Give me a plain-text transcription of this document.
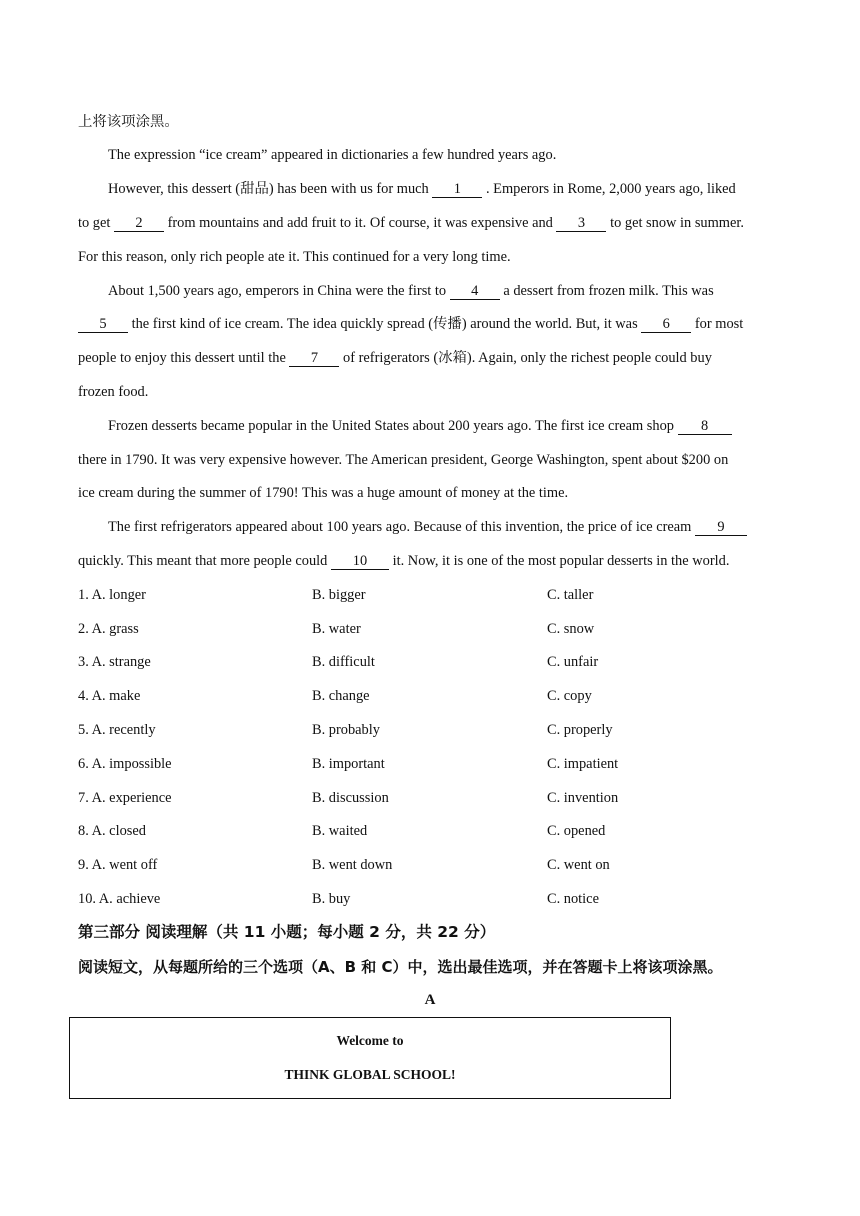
上将该项涂黑。
The expression “ice cream” appeared in dictionaries a few hundred years ago.
However, this dessert (甜品) has been with us for much 1 . Emperors in Rome, 2,000 years ago, liked
to get 2 from mountains and add fruit to it. Of course, it was expensive and 3 to get snow in summer.
For this reason, only rich people ate it. This continued for a very long time.
About 1,500 years ago, emperors in China were the first to 4 a dessert from frozen milk. This was
5 the first kind of ice cream. The idea quickly spread (传播) around the world. But, it was 6 for most
people to enjoy this dessert until the 7 of refrigerators (冰箱). Again, only the richest people could buy
frozen food.
Frozen desserts became popular in the United States about 200 years ago. The first ice cream shop 8
there in 1790. It was very expensive however. The American president, George Washington, spent about $200 on
ice cream during the summer of 1790! This was a huge amount of money at the time.
The first refrigerators appeared about 100 years ago. Because of this invention, the price of ice cream 9
quickly. This meant that more people could 10 it. Now, it is one of the most popular desserts in the world.
1. A. longer	B. bigger	C. taller
2. A. grass	B. water	C. snow
3. A. strange	B. difficult	C. unfair
4. A. make	B. change	C. copy
5. A. recently	B. probably	C. properly
6. A. impossible	B. important	C. impatient
7. A. experience	B. discussion	C. invention
8. A. closed	B. waited	C. opened
9. A. went off	B. went down	C. went on
10. A. achieve	B. buy	C. notice
第三部分 阅读理解（共 11 小题；每小题 2 分，共 22 分）
阅读短文，从每题所给的三个选项（A、B 和 C）中，选出最佳选项，并在答题卡上将该项涂黑。
A
Welcome to
THINK GLOBAL SCHOOL!
